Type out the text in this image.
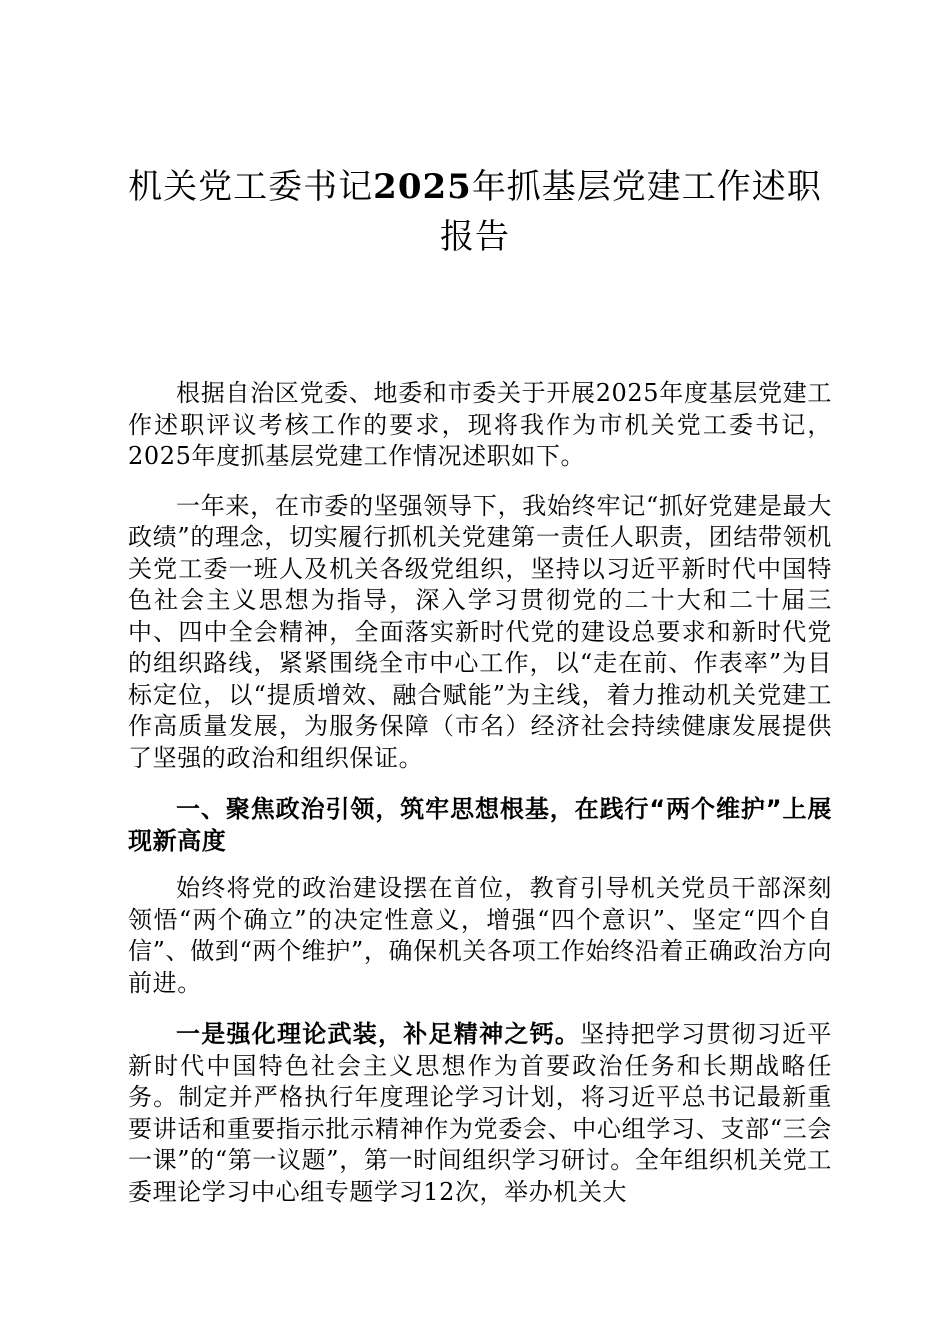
机关党工委书记2025年抓基层党建工作述职报告

根据自治区党委、地委和市委关于开展2025年度基层党建工作述职评议考核工作的要求，现将我作为市机关党工委书记，2025年度抓基层党建工作情况述职如下。

一年来，在市委的坚强领导下，我始终牢记“抓好党建是最大政绩”的理念，切实履行抓机关党建第一责任人职责，团结带领机关党工委一班人及机关各级党组织，坚持以习近平新时代中国特色社会主义思想为指导，深入学习贯彻党的二十大和二十届三中、四中全会精神，全面落实新时代党的建设总要求和新时代党的组织路线，紧紧围绕全市中心工作，以“走在前、作表率”为目标定位，以“提质增效、融合赋能”为主线，着力推动机关党建工作高质量发展，为服务保障（市名）经济社会持续健康发展提供了坚强的政治和组织保证。

一、聚焦政治引领，筑牢思想根基，在践行“两个维护”上展现新高度

始终将党的政治建设摆在首位，教育引导机关党员干部深刻领悟“两个确立”的决定性意义，增强“四个意识”、坚定“四个自信”、做到“两个维护”，确保机关各项工作始终沿着正确政治方向前进。

一是强化理论武装，补足精神之钙。坚持把学习贯彻习近平新时代中国特色社会主义思想作为首要政治任务和长期战略任务。制定并严格执行年度理论学习计划，将习近平总书记最新重要讲话和重要指示批示精神作为党委会、中心组学习、支部“三会一课”的“第一议题”，第一时间组织学习研讨。全年组织机关党工委理论学习中心组专题学习12次，举办机关大
